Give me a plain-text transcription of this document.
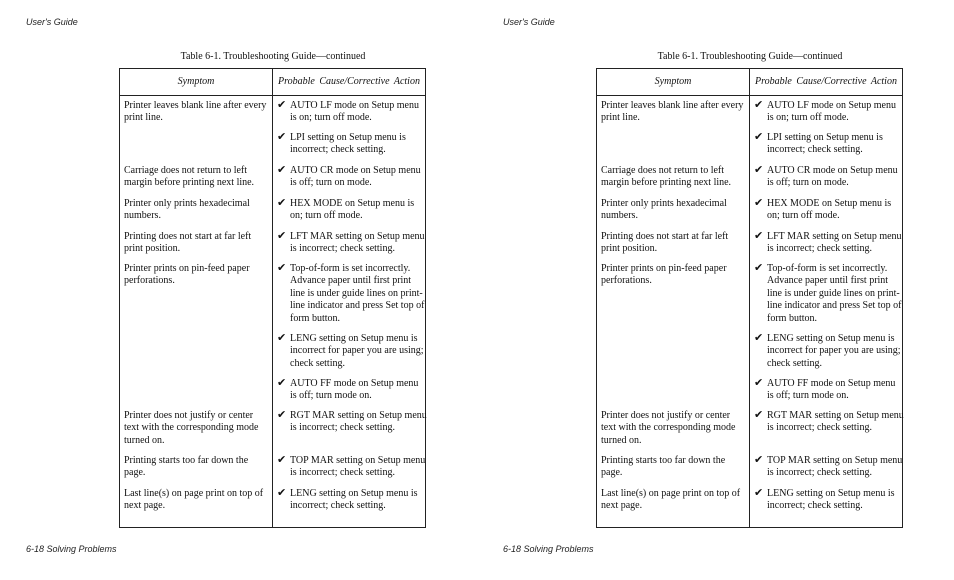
User's Guide
Table 6-1. Troubleshooting Guide—continued
Symptom	Probable Cause/Corrective Action
Printer leaves blank line after every print line.
Carriage does not return to left margin before printing next line.
Printer only prints hexadecimal numbers.
Printing does not start at far left print position.
Printer prints on pin-feed paper perforations.
Printer does not justify or center text with the corresponding mode turned on.
Printing starts too far down the page.
Last line(s) on page print on top of next page.
✔ AUTO LF mode on Setup menu is on; turn off mode.
✔ LPI setting on Setup menu is incorrect; check setting.
✔ AUTO CR mode on Setup menu is off; turn on mode.
✔ HEX MODE on Setup menu is on; turn off mode.
✔ LFT MAR setting on Setup menu is incorrect; check setting.
✔ Top-of-form is set incorrectly. Advance paper until first print line is under guide lines on print-line indicator and press Set top of form button.
✔ LENG setting on Setup menu is incorrect for paper you are using; check setting.
✔ AUTO FF mode on Setup menu is off; turn mode on.
✔ RGT MAR setting on Setup menu is incorrect; check setting.
✔ TOP MAR setting on Setup menu is incorrect; check setting.
✔ LENG setting on Setup menu is incorrect; check setting.
6-18 Solving Problems
User's Guide
Table 6-1. Troubleshooting Guide—continued
Symptom	Probable Cause/Corrective Action
Printer leaves blank line after every print line.
Carriage does not return to left margin before printing next line.
Printer only prints hexadecimal numbers.
Printing does not start at far left print position.
Printer prints on pin-feed paper perforations.
Printer does not justify or center text with the corresponding mode turned on.
Printing starts too far down the page.
Last line(s) on page print on top of next page.
✔ AUTO LF mode on Setup menu is on; turn off mode.
✔ LPI setting on Setup menu is incorrect; check setting.
✔ AUTO CR mode on Setup menu is off; turn on mode.
✔ HEX MODE on Setup menu is on; turn off mode.
✔ LFT MAR setting on Setup menu is incorrect; check setting.
✔ Top-of-form is set incorrectly. Advance paper until first print line is under guide lines on print-line indicator and press Set top of form button.
✔ LENG setting on Setup menu is incorrect for paper you are using; check setting.
✔ AUTO FF mode on Setup menu is off; turn mode on.
✔ RGT MAR setting on Setup menu is incorrect; check setting.
✔ TOP MAR setting on Setup menu is incorrect; check setting.
✔ LENG setting on Setup menu is incorrect; check setting.
6-18 Solving Problems
